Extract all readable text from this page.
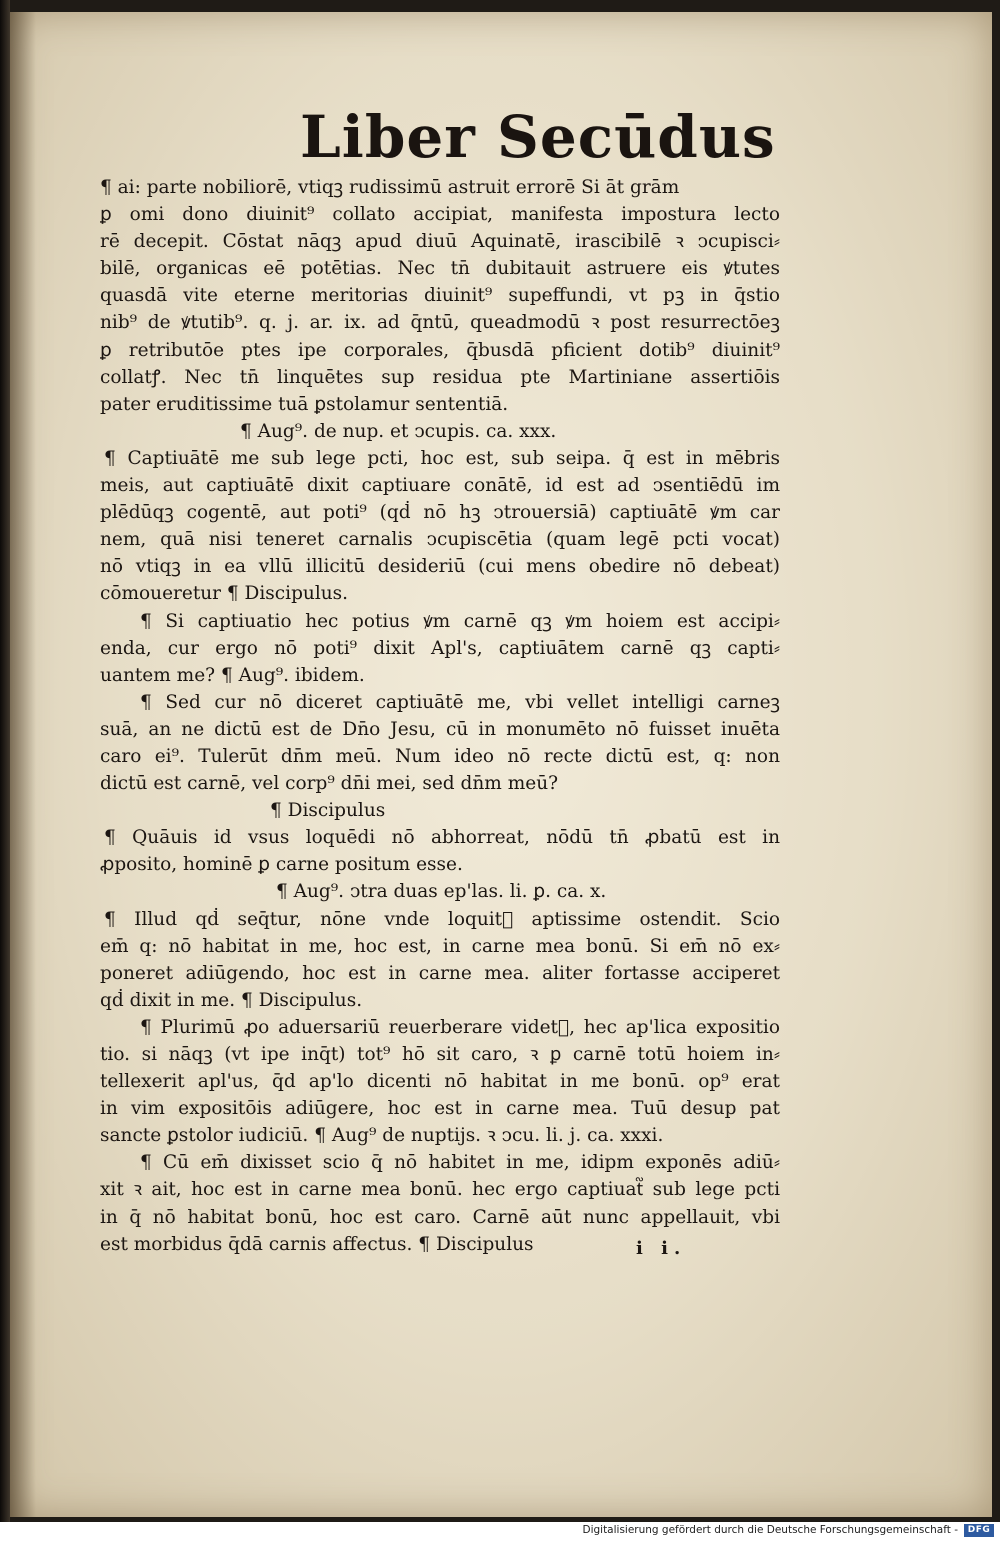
Liber Secūdus
¶ ai: parte nobiliorē, vtiqꝫ rudissimū astruit errorē Si āt grām
ꝑ omi dono diuinit⁹ collato accipiat, manifesta impostura lecto
rē decepit. Cōstat nāqꝫ apud diuū Aquinatē, irascibilē ꝛ ↄcupisci⸗
bilē, organicas eē potētias. Nec tn̄ dubitauit astruere eis ꝟtutes
quasdā vite eterne meritorias diuinit⁹ supeffundi, vt pꝫ in q̄stio
nib⁹ de ꝟtutib⁹. q. j. ar. ix. ad q̄ntū, queadmodū ꝛ post resurrectōeꝫ
ꝑ retributōe ptes ipe corporales, q̄busdā pficient dotib⁹ diuinit⁹
collatꝭ. Nec tn̄ linquētes sup residua pte Martiniane assertiōis
pater eruditissime tuā ꝑstolamur sententiā.
¶ Aug⁹. de nup. et ↄcupis. ca. xxx.
¶ Captiuātē me sub lege pcti, hoc est, sub seipa. q̄ est in mēbris
meis, aut captiuātē dixit captiuare conātē, id est ad ↄsentiēdū im
plēdūqꝫ cogentē, aut poti⁹ (qḋ nō hꝫ ↄtrouersiā) captiuātē ꝟm car
nem, quā nisi teneret carnalis ↄcupiscētia (quam legē pcti vocat)
nō vtiqꝫ in ea vllū illicitū desideriū (cui mens obedire nō debeat)
cōmoueretur ¶ Discipulus.
¶ Si captiuatio hec potius ꝟm carnē qꝫ ꝟm hoiem est accipi⸗
enda, cur ergo nō poti⁹ dixit Apl's, captiuātem carnē qꝫ capti⸗
uantem me? ¶ Aug⁹. ibidem.
¶ Sed cur nō diceret captiuātē me, vbi vellet intelligi carneꝫ
suā, an ne dictū est de Dn̄o Jesu, cū in monumēto nō fuisset inuēta
caro ei⁹. Tulerūt dn̄m meū. Num ideo nō recte dictū est, q: non
dictū est carnē, vel corp⁹ dn̄i mei, sed dn̄m meū?
¶ Discipulus
¶ Quāuis id vsus loquēdi nō abhorreat, nōdū tn̄ ꝓbatū est in
ꝓposito, hominē ꝑ carne positum esse.
¶ Aug⁹. ↄtra duas ep'las. li. ꝑ. ca. x.
¶ Illud qḋ seq̄tur, nōne vnde loquit᷑ aptissime ostendit. Scio
em̄ q: nō habitat in me, hoc est, in carne mea bonū. Si em̄ nō ex⸗
poneret adiūgendo, hoc est in carne mea. aliter fortasse acciperet
qḋ dixit in me. ¶ Discipulus.
¶ Plurimū ꝓo aduersariū reuerberare videt᷑, hec ap'lica expositio
tio. si nāqꝫ (vt ipe inq̄t) tot⁹ hō sit caro, ꝛ ꝑ carnē totū hoiem in⸗
tellexerit apl'us, q̄d ap'lo dicenti nō habitat in me bonū. op⁹ erat
in vim expositōis adiūgere, hoc est in carne mea. Tuū desup pat
sancte ꝑstolor iudiciū. ¶ Aug⁹ de nuptijs. ꝛ ↄcu. li. j. ca. xxxi.
¶ Cū em̄ dixisset scio q̄ nō habitet in me, idipm exponēs adiū⸗
xit ꝛ ait, hoc est in carne mea bonū. hec ergo captiuat᷑ sub lege pcti
in q̄ nō habitat bonū, hoc est caro. Carnē aūt nunc appellauit, vbi
est morbidus q̄dā carnis affectus. ¶ Discipulus	i i.
Digitalisierung gefördert durch die Deutsche Forschungsgemeinschaft -	DFG
